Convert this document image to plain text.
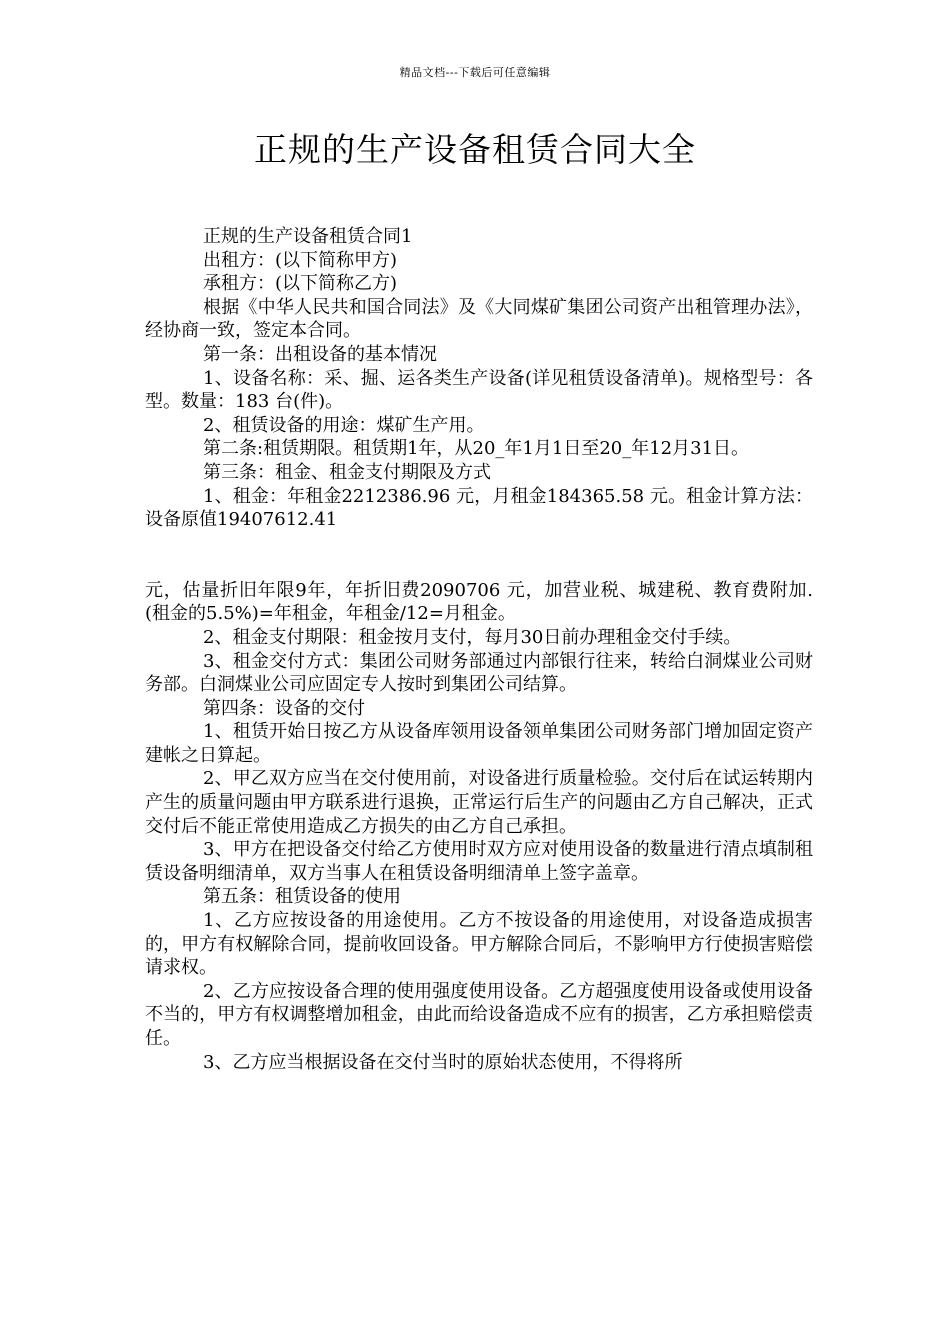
精品文档---下载后可任意编辑
正规的生产设备租赁合同大全

正规的生产设备租赁合同1

出租方：(以下简称甲方)

承租方：(以下简称乙方)

根据《中华人民共和国合同法》及《大同煤矿集团公司资产出租管理办法》，经协商一致，签定本合同。

第一条：出租设备的基本情况

1、设备名称：采、掘、运各类生产设备(详见租赁设备清单)。规格型号：各型。数量：183 台(件)。

2、租赁设备的用途：煤矿生产用。

第二条:租赁期限。租赁期1年，从20_年1月1日至20_年12月31日。

第三条：租金、租金支付期限及方式

1、租金：年租金2212386.96 元，月租金184365.58 元。租金计算方法：设备原值19407612.41

元，估量折旧年限9年，年折旧费2090706 元，加营业税、城建税、教育费附加.(租金的5.5%)=年租金，年租金/12=月租金。

2、租金支付期限：租金按月支付，每月30日前办理租金交付手续。

3、租金交付方式：集团公司财务部通过内部银行往来，转给白洞煤业公司财务部。白洞煤业公司应固定专人按时到集团公司结算。

第四条：设备的交付

1、租赁开始日按乙方从设备库领用设备领单集团公司财务部门增加固定资产建帐之日算起。

2、甲乙双方应当在交付使用前，对设备进行质量检验。交付后在试运转期内产生的质量问题由甲方联系进行退换，正常运行后生产的问题由乙方自己解决，正式交付后不能正常使用造成乙方损失的由乙方自己承担。

3、甲方在把设备交付给乙方使用时双方应对使用设备的数量进行清点填制租赁设备明细清单，双方当事人在租赁设备明细清单上签字盖章。

第五条：租赁设备的使用

1、乙方应按设备的用途使用。乙方不按设备的用途使用，对设备造成损害的，甲方有权解除合同，提前收回设备。甲方解除合同后，不影响甲方行使损害赔偿请求权。

2、乙方应按设备合理的使用强度使用设备。乙方超强度使用设备或使用设备不当的，甲方有权调整增加租金，由此而给设备造成不应有的损害，乙方承担赔偿责任。

3、乙方应当根据设备在交付当时的原始状态使用，不得将所
